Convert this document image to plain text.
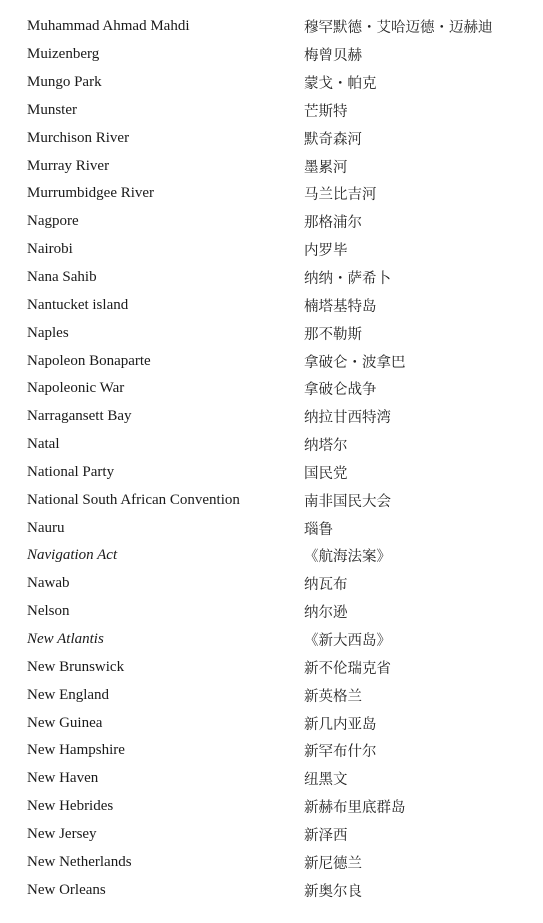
Muhammad Ahmad Mahdi	穆罕默德・艾哈迈德・迈赫迪
Muizenberg	梅曾贝赫
Mungo Park	蒙戈・帕克
Munster	芒斯特
Murchison River	默奇森河
Murray River	墨累河
Murrumbidgee River	马兰比吉河
Nagpore	那格浦尔
Nairobi	内罗毕
Nana Sahib	纳纳・萨希卜
Nantucket island	楠塔基特岛
Naples	那不勒斯
Napoleon Bonaparte	拿破仑・波拿巴
Napoleonic War	拿破仑战争
Narragansett Bay	纳拉甘西特湾
Natal	纳塔尔
National Party	国民党
National South African Convention	南非国民大会
Nauru	瑙鲁
Navigation Act	《航海法案》
Nawab	纳瓦布
Nelson	纳尔逊
New Atlantis	《新大西岛》
New Brunswick	新不伦瑞克省
New England	新英格兰
New Guinea	新几内亚岛
New Hampshire	新罕布什尔
New Haven	纽黑文
New Hebrides	新赫布里底群岛
New Jersey	新泽西
New Netherlands	新尼德兰
New Orleans	新奥尔良
